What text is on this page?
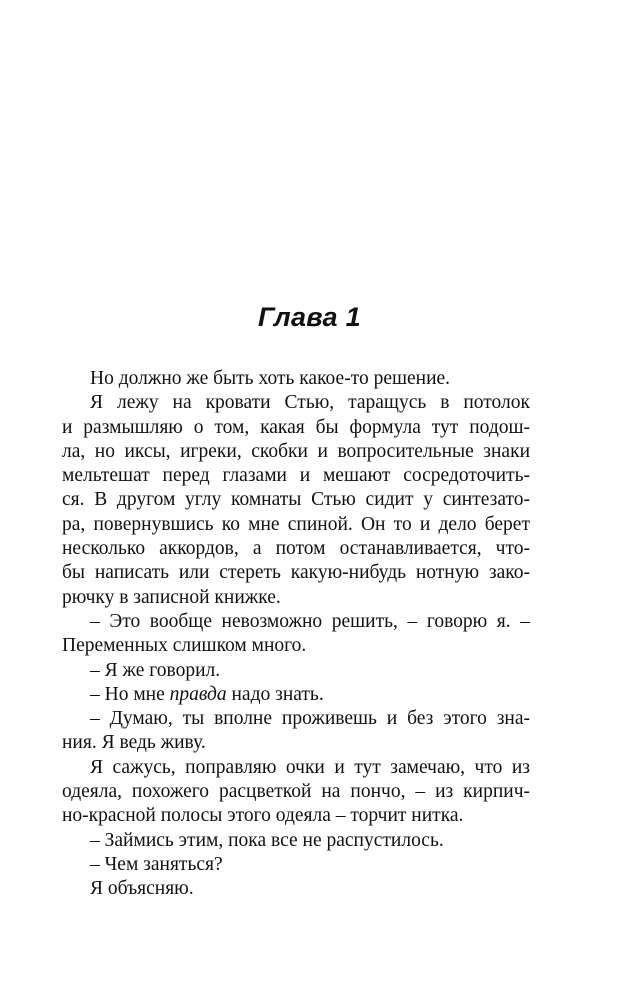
Глава 1
Но должно же быть хоть какое-то решение.
Я лежу на кровати Стью, таращусь в потолок
и размышляю о том, какая бы формула тут подош-
ла, но иксы, игреки, скобки и вопросительные знаки
мельтешат перед глазами и мешают сосредоточить-
ся. В другом углу комнаты Стью сидит у синтезато-
ра, повернувшись ко мне спиной. Он то и дело берет
несколько аккордов, а потом останавливается, что-
бы написать или стереть какую-нибудь нотную зако-
рючку в записной книжке.
– Это вообще невозможно решить, – говорю я. –
Переменных слишком много.
– Я же говорил.
– Но мне правда надо знать.
– Думаю, ты вполне проживешь и без этого зна-
ния. Я ведь живу.
Я сажусь, поправляю очки и тут замечаю, что из
одеяла, похожего расцветкой на пончо, – из кирпич-
но-красной полосы этого одеяла – торчит нитка.
– Займись этим, пока все не распустилось.
– Чем заняться?
Я объясняю.
